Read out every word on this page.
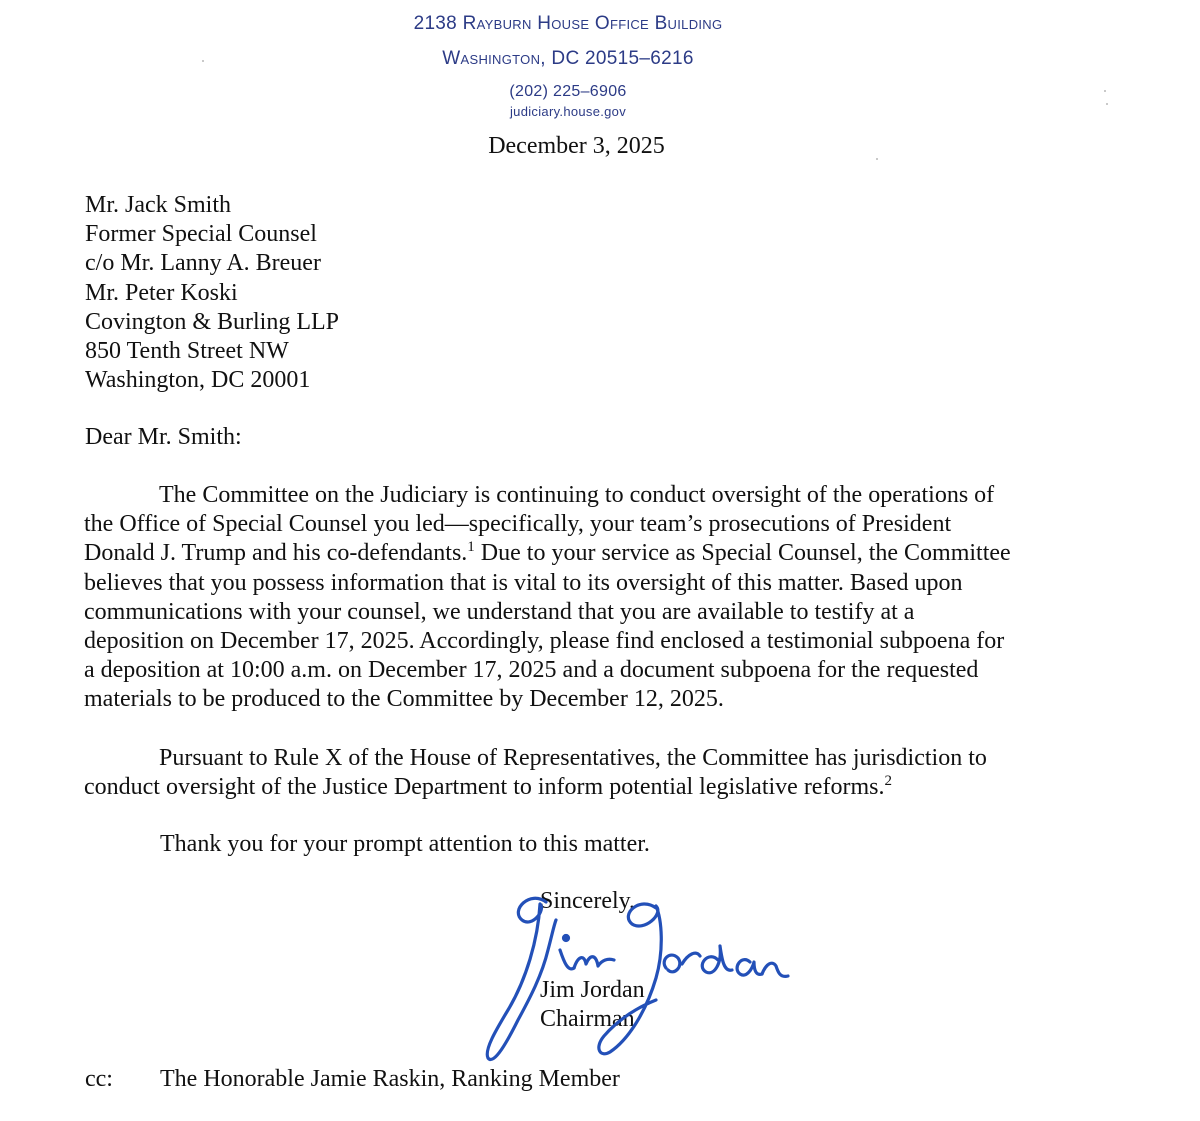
2138 Rayburn House Office Building
Washington, DC 20515–6216
(202) 225–6906
judiciary.house.gov
December 3, 2025
Mr. Jack Smith
Former Special Counsel
c/o Mr. Lanny A. Breuer
Mr. Peter Koski
Covington & Burling LLP
850 Tenth Street NW
Washington, DC 20001
Dear Mr. Smith:
The Committee on the Judiciary is continuing to conduct oversight of the operations of
the Office of Special Counsel you led—specifically, your team’s prosecutions of President
Donald J. Trump and his co-defendants.$^1$ Due to your service as Special Counsel, the Committee
believes that you possess information that is vital to its oversight of this matter. Based upon
communications with your counsel, we understand that you are available to testify at a
deposition on December 17, 2025. Accordingly, please find enclosed a testimonial subpoena for
a deposition at 10:00 a.m. on December 17, 2025 and a document subpoena for the requested
materials to be produced to the Committee by December 12, 2025.
Pursuant to Rule X of the House of Representatives, the Committee has jurisdiction to
conduct oversight of the Justice Department to inform potential legislative reforms.$^2$
Thank you for your prompt attention to this matter.
Sincerely,
Jim Jordan
Chairman
cc: The Honorable Jamie Raskin, Ranking Member
